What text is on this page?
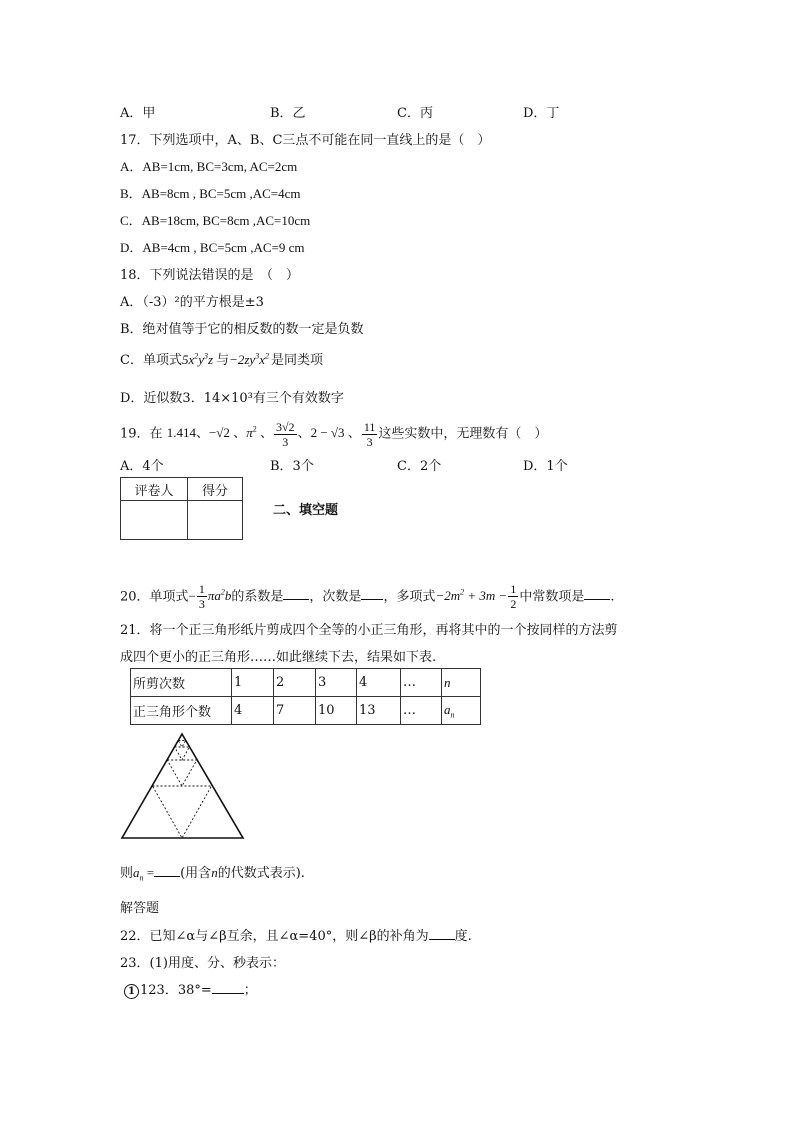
A．甲	B．乙	C．丙	D．丁
17．下列选项中，A、B、C三点不可能在同一直线上的是（　）
A．AB=1cm, BC=3cm, AC=2cm
B．AB=8cm , BC=5cm ,AC=4cm
C．AB=18cm, BC=8cm ,AC=10cm
D．AB=4cm , BC=5cm ,AC=9 cm
18．下列说法错误的是　（　）
A．（-3）²的平方根是±3
B．绝对值等于它的相反数的数一定是负数
C．单项式$5x^2y^3z$ 与$-2zy^3x^2$ 是同类项
D．近似数3．14×10³有三个有效数字
19．在 1.414、−√2 、$\pi^2$ 、 $\frac{3√2}{3}$ 、2 − √3 、 $\frac{11}{3}$ 这些实数中，无理数有（　）
A．4个	B．3个	C．2个	D．1个
评卷人	得分

二、填空题
20．单项式− $\frac{1}{3} \pi a^2b$的系数是 ，次数是 ，多项式$-2m^2 + 3m - \frac{1}{2}$ 中常数项是 .
21．将一个正三角形纸片剪成四个全等的小正三角形，再将其中的一个按同样的方法剪
成四个更小的正三角形……如此继续下去，结果如下表.
所剪次数	1	2	3	4	…	n
正三角形个数	4	7	10	13	…	$a_n$
则$a_n$ = (用含n的代数式表示).
解答题
22．已知∠α与∠β互余，且∠α=40°，则∠β的补角为 度.
23．(1)用度、分、秒表示：
1 123．38°= ；
